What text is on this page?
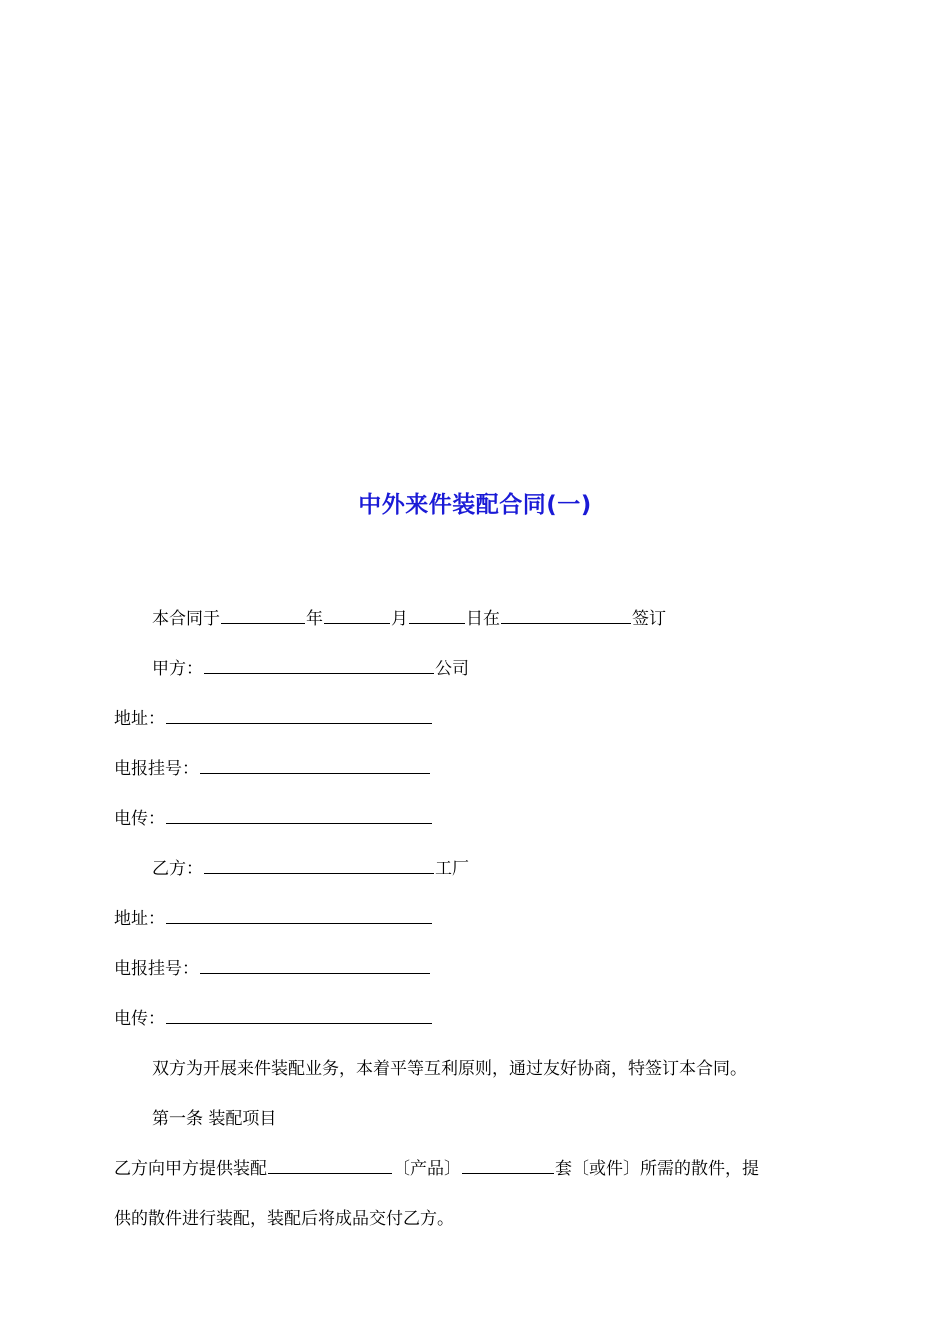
中外来件装配合同(一)
本合同于	年	月	日在	签订
甲方：	公司
地址：
电报挂号：
电传：
乙方：	工厂
地址：
电报挂号：
电传：
双方为开展来件装配业务，本着平等互利原则，通过友好协商，特签订本合同。
第一条 装配项目
乙方向甲方提供装配	〔产品〕	套〔或件〕所需的散件，提
供的散件进行装配，装配后将成品交付乙方。
